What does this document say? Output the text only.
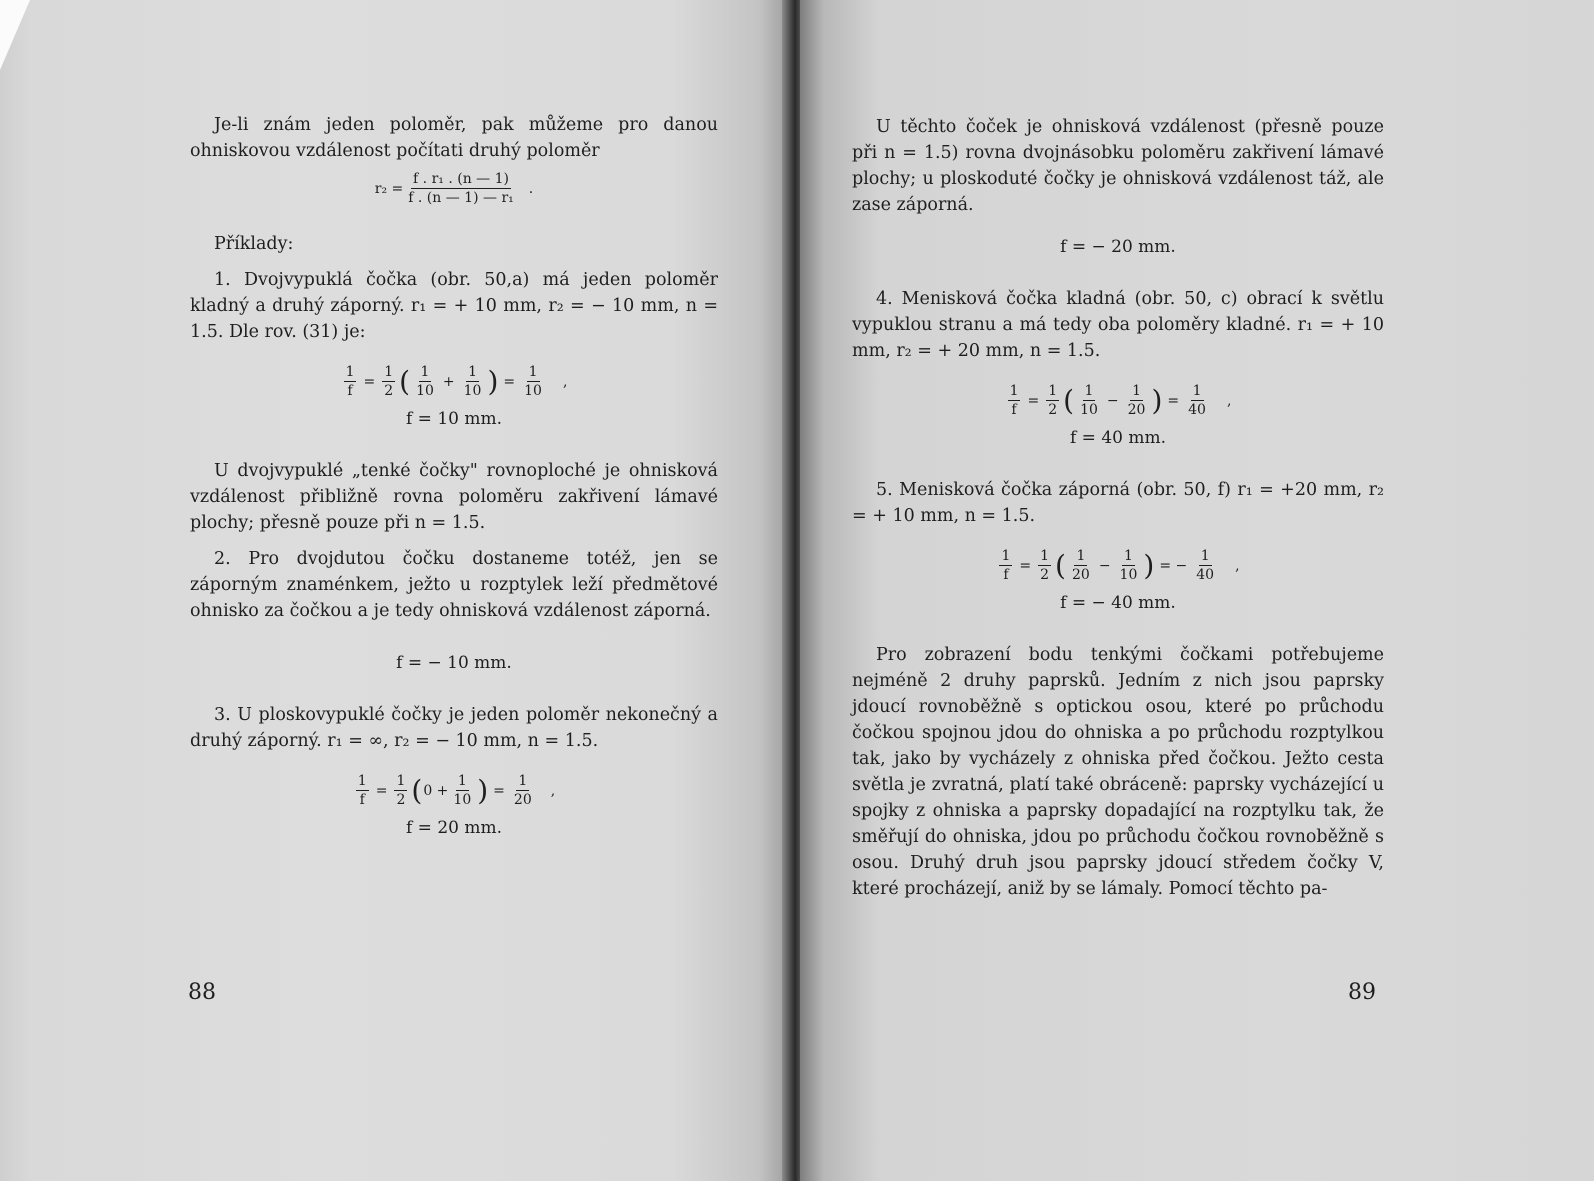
Je-li znám jeden poloměr, pak můžeme pro danou ohniskovou vzdálenost počítati druhý poloměr

$r_2 = \frac{\text{f . r₁ . (n — 1)}}{\text{f . (n — 1) — r₁}}$ .

Příklady:

1. Dvojvypuklá čočka (obr. 50,a) má jeden poloměr kladný a druhý záporný. r₁ = + 10 mm, r₂ = − 10 mm, n = 1.5. Dle rov. (31) je:

$\frac{1}{f} = \frac{1}{2}$ ( $\frac{1}{10} + \frac{1}{10}$ ) = $\frac{1}{10}$ ,

f = 10 mm.

U dvojvypuklé „tenké čočky" rovnoploché je ohnisková vzdálenost přibližně rovna poloměru zakřivení lámavé plochy; přesně pouze při n = 1.5.

2. Pro dvojdutou čočku dostaneme totéž, jen se záporným znaménkem, ježto u rozptylek leží předmětové ohnisko za čočkou a je tedy ohnisková vzdálenost záporná.

f = − 10 mm.

3. U ploskovypuklé čočky je jeden poloměr nekonečný a druhý záporný. r₁ = ∞, r₂ = − 10 mm, n = 1.5.

$\frac{1}{f} = \frac{1}{2}$ ( $0 + \frac{1}{10}$ ) = $\frac{1}{20}$ ,

f = 20 mm.

88

U těchto čoček je ohnisková vzdálenost (přesně pouze při n = 1.5) rovna dvojnásobku poloměru zakřivení lámavé plochy; u ploskoduté čočky je ohnisková vzdálenost táž, ale zase záporná.

f = − 20 mm.

4. Menisková čočka kladná (obr. 50, c) obrací k světlu vypuklou stranu a má tedy oba poloměry kladné. r₁ = + 10 mm, r₂ = + 20 mm, n = 1.5.

$\frac{1}{f} = \frac{1}{2}$ ( $\frac{1}{10} - \frac{1}{20}$ ) = $\frac{1}{40}$ ,

f = 40 mm.

5. Menisková čočka záporná (obr. 50, f) r₁ = +20 mm, r₂ = + 10 mm, n = 1.5.

$\frac{1}{f} = \frac{1}{2}$ ( $\frac{1}{20} - \frac{1}{10}$ ) = − $\frac{1}{40}$ ,

f = − 40 mm.

Pro zobrazení bodu tenkými čočkami potřebujeme nejméně 2 druhy paprsků. Jedním z nich jsou paprsky jdoucí rovnoběžně s optickou osou, které po průchodu čočkou spojnou jdou do ohniska a po průchodu rozptylkou tak, jako by vycházely z ohniska před čočkou. Ježto cesta světla je zvratná, platí také obráceně: paprsky vycházející u spojky z ohniska a paprsky dopadající na rozptylku tak, že směřují do ohniska, jdou po průchodu čočkou rovnoběžně s osou. Druhý druh jsou paprsky jdoucí středem čočky V, které procházejí, aniž by se lámaly. Pomocí těchto pa-

89
